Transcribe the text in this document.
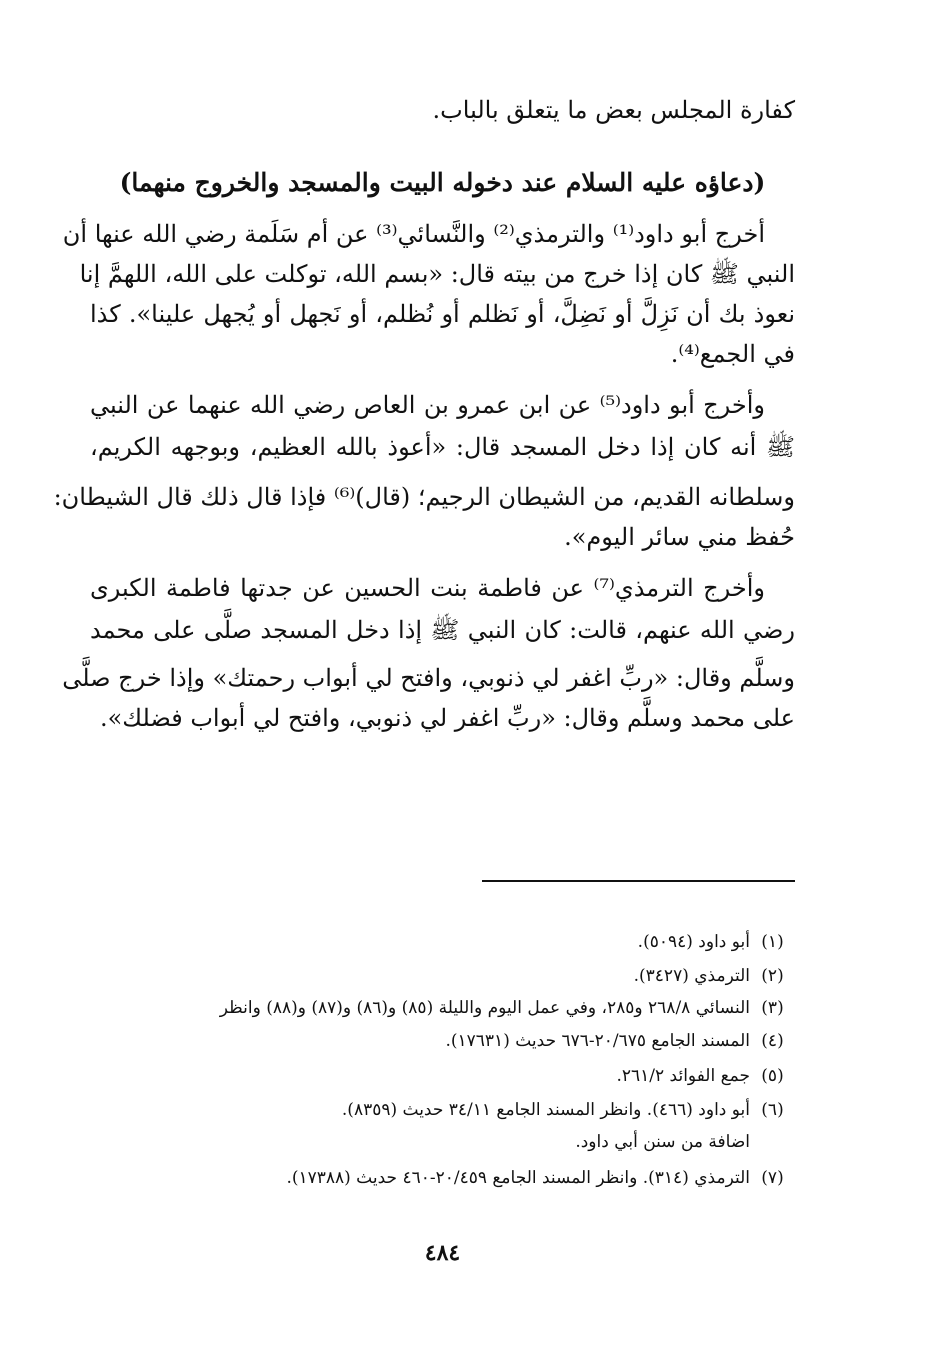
كفارة المجلس بعض ما يتعلق بالباب.
(دعاؤه عليه السلام عند دخوله البيت والمسجد والخروج منهما)
أخرج أبو داود⁽¹⁾ والترمذي⁽²⁾ والنَّسائي⁽³⁾ عن أم سَلَمة رضي الله عنها أن
النبي ﷺ كان إذا خرج من بيته قال: «بسم الله، توكلت على الله، اللهمَّ إنا
نعوذ بك أن نَزِلَّ أو نَضِلَّ، أو نَظلم أو نُظلم، أو نَجهل أو يُجهل علينا». كذا
في الجمع⁽⁴⁾.
وأخرج أبو داود⁽⁵⁾ عن ابن عمرو بن العاص رضي الله عنهما عن النبي
ﷺ أنه كان إذا دخل المسجد قال: «أعوذ بالله العظيم، وبوجهه الكريم،
وسلطانه القديم، من الشيطان الرجيم؛ (قال)⁽⁶⁾ فإذا قال ذلك قال الشيطان:
حُفظ مني سائر اليوم».
وأخرج الترمذي⁽⁷⁾ عن فاطمة بنت الحسين عن جدتها فاطمة الكبرى
رضي الله عنهم، قالت: كان النبي ﷺ إذا دخل المسجد صلَّى على محمد
وسلَّم وقال: «ربِّ اغفر لي ذنوبي، وافتح لي أبواب رحمتك» وإذا خرج صلَّى
على محمد وسلَّم وقال: «ربِّ اغفر لي ذنوبي، وافتح لي أبواب فضلك».
(١)أبو داود (٥٠٩٤).
(٢)الترمذي (٣٤٢٧).
(٣)النسائي ٢٦٨/٨ و٢٨٥، وفي عمل اليوم والليلة (٨٥) و(٨٦) و(٨٧) و(٨٨) وانظر
(٤)المسند الجامع ٢٠/٦٧٥-٦٧٦ حديث (١٧٦٣١).
(٥)جمع الفوائد ٢٦١/٢.
(٦)أبو داود (٤٦٦). وانظر المسند الجامع ٣٤/١١ حديث (٨٣٥٩).
اضافة من سنن أبي داود.
(٧)الترمذي (٣١٤). وانظر المسند الجامع ٢٠/٤٥٩-٤٦٠ حديث (١٧٣٨٨).
٤٨٤
